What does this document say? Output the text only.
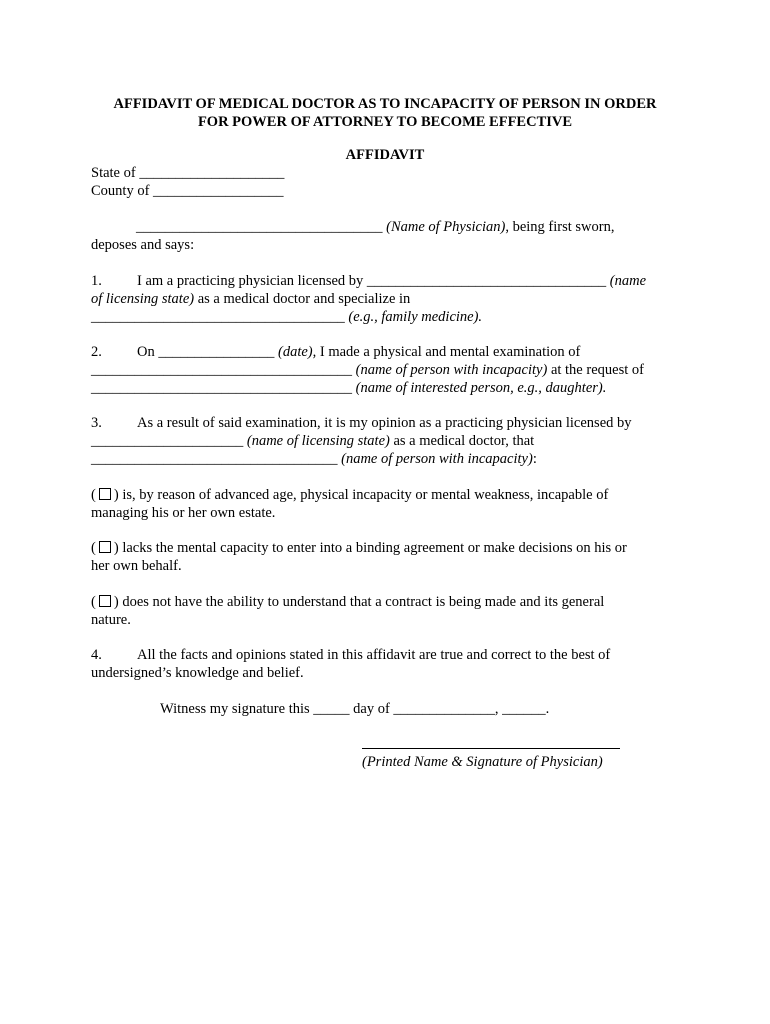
AFFIDAVIT OF MEDICAL DOCTOR AS TO INCAPACITY OF PERSON IN ORDER
FOR POWER OF ATTORNEY TO BECOME EFFECTIVE
AFFIDAVIT
State of ____________________
County of __________________
__________________________________ (Name of Physician), being first sworn,
deposes and says:
1. I am a practicing physician licensed by _________________________________ (name
of licensing state) as a medical doctor and specialize in
___________________________________ (e.g., family medicine).
2. On ________________ (date), I made a physical and mental examination of
____________________________________ (name of person with incapacity) at the request of
____________________________________ (name of interested person, e.g., daughter).
3. As a result of said examination, it is my opinion as a practicing physician licensed by
_____________________ (name of licensing state) as a medical doctor, that
__________________________________ (name of person with incapacity):
( ) is, by reason of advanced age, physical incapacity or mental weakness, incapable of
managing his or her own estate.
( ) lacks the mental capacity to enter into a binding agreement or make decisions on his or
her own behalf.
( ) does not have the ability to understand that a contract is being made and its general
nature.
4. All the facts and opinions stated in this affidavit are true and correct to the best of
undersigned’s knowledge and belief.
Witness my signature this _____ day of ______________, ______.
(Printed Name & Signature of Physician)
